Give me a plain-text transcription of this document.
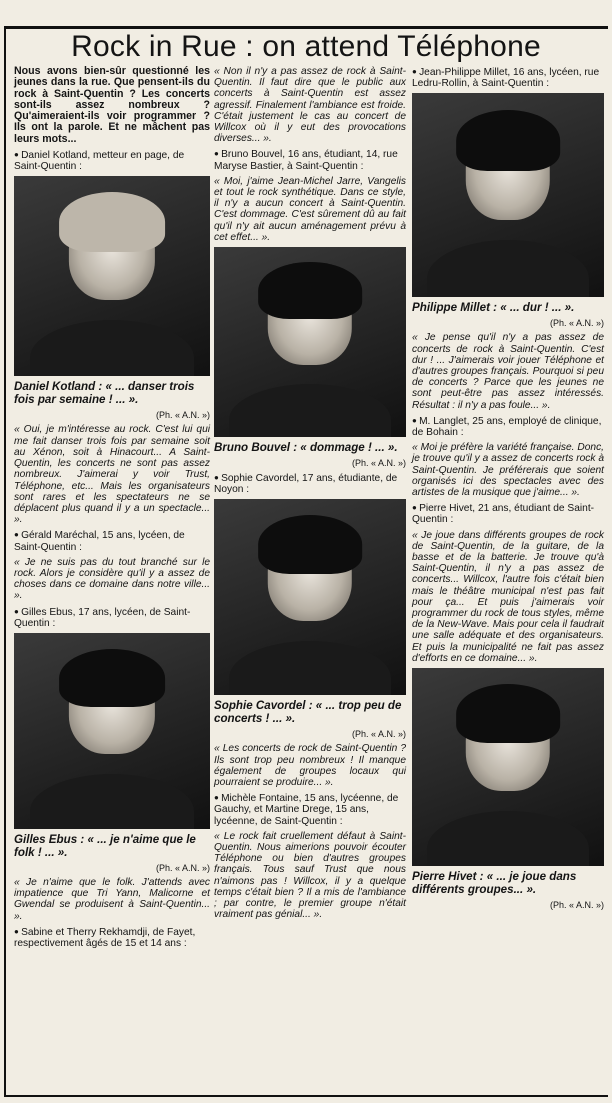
Rock in Rue : on attend Téléphone

Nous avons bien-sûr questionné les jeunes dans la rue. Que pensent-ils du rock à Saint-Quentin ? Les concerts sont-ils assez nombreux ? Qu'aimeraient-ils voir programmer ? Ils ont la parole. Et ne mâchent pas leurs mots...

● Daniel Kotland, metteur en page, de Saint-Quentin :

Daniel Kotland : « ... danser trois fois par semaine ! ... ».

(Ph. « A.N. »)

« Oui, je m'intéresse au rock. C'est lui qui me fait danser trois fois par semaine soit au Xénon, soit à Hinacourt... A Saint-Quentin, les concerts ne sont pas assez nombreux. J'aimerai y voir Trust, Téléphone, etc... Mais les organisateurs sont rares et les spectateurs ne se déplacent plus quand il y a un spectacle... ».

● Gérald Maréchal, 15 ans, lycéen, de Saint-Quentin :

« Je ne suis pas du tout branché sur le rock. Alors je considère qu'il y a assez de choses dans ce domaine dans notre ville... ».

● Gilles Ebus, 17 ans, lycéen, de Saint-Quentin :

Gilles Ebus : « ... je n'aime que le folk ! ... ».

(Ph. « A.N. »)

« Je n'aime que le folk. J'attends avec impatience que Tri Yann, Malicorne et Gwendal se produisent à Saint-Quentin... ».

● Sabine et Therry Rekhamdji, de Fayet, respectivement âgés de 15 et 14 ans :

« Non il n'y a pas assez de rock à Saint-Quentin. Il faut dire que le public aux concerts à Saint-Quentin est assez agressif. Finalement l'ambiance est froide. C'était justement le cas au concert de Willcox où il y eut des provocations diverses... ».

● Bruno Bouvel, 16 ans, étudiant, 14, rue Maryse Bastier, à Saint-Quentin :

« Moi, j'aime Jean-Michel Jarre, Vangelis et tout le rock synthétique. Dans ce style, il n'y a aucun concert à Saint-Quentin. C'est dommage. C'est sûrement dû au fait qu'il n'y ait aucun aménagement prévu à cet effet... ».

Bruno Bouvel : « dommage ! ... ».

(Ph. « A.N. »)

● Sophie Cavordel, 17 ans, étudiante, de Noyon :

Sophie Cavordel : « ... trop peu de concerts ! ... ».

(Ph. « A.N. »)

« Les concerts de rock de Saint-Quentin ? Ils sont trop peu nombreux ! Il manque également de groupes locaux qui pourraient se produire... ».

● Michèle Fontaine, 15 ans, lycéenne, de Gauchy, et Martine Drege, 15 ans, lycéenne, de Saint-Quentin :

« Le rock fait cruellement défaut à Saint-Quentin. Nous aimerions pouvoir écouter Téléphone ou bien d'autres groupes français. Tous sauf Trust que nous n'aimons pas ! Willcox, il y a quelque temps c'était bien ? Il a mis de l'ambiance ; par contre, le premier groupe n'était vraiment pas génial... ».

● Jean-Philippe Millet, 16 ans, lycéen, rue Ledru-Rollin, à Saint-Quentin :

Philippe Millet : « ... dur ! ... ».

(Ph. « A.N. »)

« Je pense qu'il n'y a pas assez de concerts de rock à Saint-Quentin. C'est dur ! ... J'aimerais voir jouer Téléphone et d'autres groupes français. Pourquoi si peu de concerts ? Parce que les jeunes ne sont peut-être pas assez intéressés. Résultat : il n'y a pas foule... ».

● M. Langlet, 25 ans, employé de clinique, de Bohain :

« Moi je préfère la variété française. Donc, je trouve qu'il y a assez de concerts rock à Saint-Quentin. Je préférerais que soient organisés ici des spectacles avec des artistes de la musique que j'aime... ».

● Pierre Hivet, 21 ans, étudiant de Saint-Quentin :

« Je joue dans différents groupes de rock de Saint-Quentin, de la guitare, de la basse et de la batterie. Je trouve qu'à Saint-Quentin, il n'y a pas assez de concerts... Willcox, l'autre fois c'était bien mais le théâtre municipal n'est pas fait pour ça... Et puis j'aimerais voir programmer du rock de tous styles, même de la New-Wave. Mais pour cela il faudrait une salle adéquate et des organisateurs. Et puis la municipalité ne fait pas assez d'efforts en ce domaine... ».

Pierre Hivet : « ... je joue dans différents groupes... ».

(Ph. « A.N. »)
